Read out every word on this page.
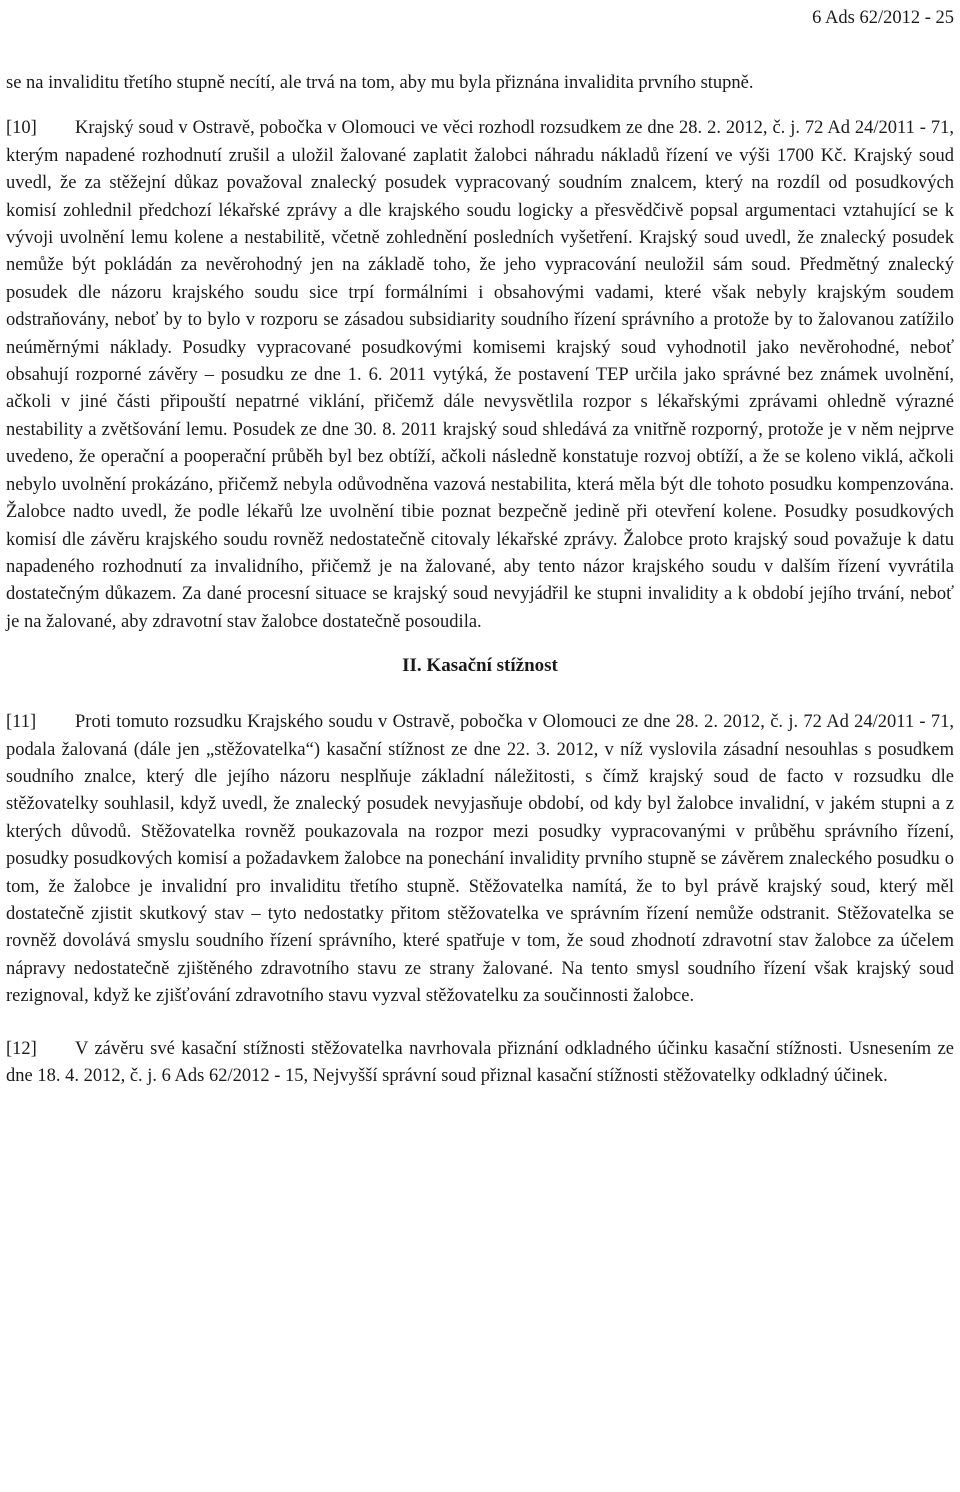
6 Ads 62/2012 - 25

se na invaliditu třetího stupně necítí, ale trvá na tom, aby mu byla přiznána invalidita prvního stupně.

[10] Krajský soud v Ostravě, pobočka v Olomouci ve věci rozhodl rozsudkem ze dne 28. 2. 2012, č. j. 72 Ad 24/2011 - 71, kterým napadené rozhodnutí zrušil a uložil žalované zaplatit žalobci náhradu nákladů řízení ve výši 1700 Kč. Krajský soud uvedl, že za stěžejní důkaz považoval znalecký posudek vypracovaný soudním znalcem, který na rozdíl od posudkových komisí zohlednil předchozí lékařské zprávy a dle krajského soudu logicky a přesvědčivě popsal argumentaci vztahující se k vývoji uvolnění lemu kolene a nestabilitě, včetně zohlednění posledních vyšetření. Krajský soud uvedl, že znalecký posudek nemůže být pokládán za nevěrohodný jen na základě toho, že jeho vypracování neuložil sám soud. Předmětný znalecký posudek dle názoru krajského soudu sice trpí formálními i obsahovými vadami, které však nebyly krajským soudem odstraňovány, neboť by to bylo v rozporu se zásadou subsidiarity soudního řízení správního a protože by to žalovanou zatížilo neúměrnými náklady. Posudky vypracované posudkovými komisemi krajský soud vyhodnotil jako nevěrohodné, neboť obsahují rozporné závěry – posudku ze dne 1. 6. 2011 vytýká, že postavení TEP určila jako správné bez známek uvolnění, ačkoli v jiné části připouští nepatrné viklání, přičemž dále nevysvětlila rozpor s lékařskými zprávami ohledně výrazné nestability a zvětšování lemu. Posudek ze dne 30. 8. 2011 krajský soud shledává za vnitřně rozporný, protože je v něm nejprve uvedeno, že operační a pooperační průběh byl bez obtíží, ačkoli následně konstatuje rozvoj obtíží, a že se koleno viklá, ačkoli nebylo uvolnění prokázáno, přičemž nebyla odůvodněna vazová nestabilita, která měla být dle tohoto posudku kompenzována. Žalobce nadto uvedl, že podle lékařů lze uvolnění tibie poznat bezpečně jedině při otevření kolene. Posudky posudkových komisí dle závěru krajského soudu rovněž nedostatečně citovaly lékařské zprávy. Žalobce proto krajský soud považuje k datu napadeného rozhodnutí za invalidního, přičemž je na žalované, aby tento názor krajského soudu v dalším řízení vyvrátila dostatečným důkazem. Za dané procesní situace se krajský soud nevyjádřil ke stupni invalidity a k období jejího trvání, neboť je na žalované, aby zdravotní stav žalobce dostatečně posoudila.

II. Kasační stížnost

[11] Proti tomuto rozsudku Krajského soudu v Ostravě, pobočka v Olomouci ze dne 28. 2. 2012, č. j. 72 Ad 24/2011 - 71, podala žalovaná (dále jen „stěžovatelka“) kasační stížnost ze dne 22. 3. 2012, v níž vyslovila zásadní nesouhlas s posudkem soudního znalce, který dle jejího názoru nesplňuje základní náležitosti, s čímž krajský soud de facto v rozsudku dle stěžovatelky souhlasil, když uvedl, že znalecký posudek nevyjasňuje období, od kdy byl žalobce invalidní, v jakém stupni a z kterých důvodů. Stěžovatelka rovněž poukazovala na rozpor mezi posudky vypracovanými v průběhu správního řízení, posudky posudkových komisí a požadavkem žalobce na ponechání invalidity prvního stupně se závěrem znaleckého posudku o tom, že žalobce je invalidní pro invaliditu třetího stupně. Stěžovatelka namítá, že to byl právě krajský soud, který měl dostatečně zjistit skutkový stav – tyto nedostatky přitom stěžovatelka ve správním řízení nemůže odstranit. Stěžovatelka se rovněž dovolává smyslu soudního řízení správního, které spatřuje v tom, že soud zhodnotí zdravotní stav žalobce za účelem nápravy nedostatečně zjištěného zdravotního stavu ze strany žalované. Na tento smysl soudního řízení však krajský soud rezignoval, když ke zjišťování zdravotního stavu vyzval stěžovatelku za součinnosti žalobce.

[12] V závěru své kasační stížnosti stěžovatelka navrhovala přiznání odkladného účinku kasační stížnosti. Usnesením ze dne 18. 4. 2012, č. j. 6 Ads 62/2012 - 15, Nejvyšší správní soud přiznal kasační stížnosti stěžovatelky odkladný účinek.
